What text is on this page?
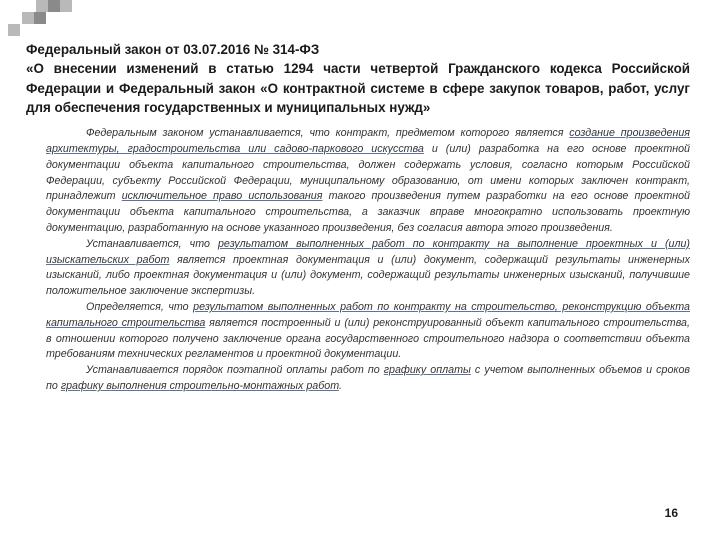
Федеральный закон от 03.07.2016 № 314-ФЗ
«О внесении изменений в статью 1294 части четвертой Гражданского кодекса Российской Федерации и Федеральный закон «О контрактной системе в сфере закупок товаров, работ, услуг для обеспечения государственных и муниципальных нужд»

Федеральным законом устанавливается, что контракт, предметом которого является создание произведения архитектуры, градостроительства или садово-паркового искусства и (или) разработка на его основе проектной документации объекта капитального строительства, должен содержать условия, согласно которым Российской Федерации, субъекту Российской Федерации, муниципальному образованию, от имени которых заключен контракт, принадлежит исключительное право использования такого произведения путем разработки на его основе проектной документации объекта капитального строительства, а заказчик вправе многократно использовать проектную документацию, разработанную на основе указанного произведения, без согласия автора этого произведения.

Устанавливается, что результатом выполненных работ по контракту на выполнение проектных и (или) изыскательских работ является проектная документация и (или) документ, содержащий результаты инженерных изысканий, либо проектная документация и (или) документ, содержащий результаты инженерных изысканий, получившие положительное заключение экспертизы.

Определяется, что результатом выполненных работ по контракту на строительство, реконструкцию объекта капитального строительства является построенный и (или) реконструированный объект капитального строительства, в отношении которого получено заключение органа государственного строительного надзора о соответствии объекта требованиям технических регламентов и проектной документации.

Устанавливается порядок поэтапной оплаты работ по графику оплаты с учетом выполненных объемов и сроков по графику выполнения строительно-монтажных работ.

16
